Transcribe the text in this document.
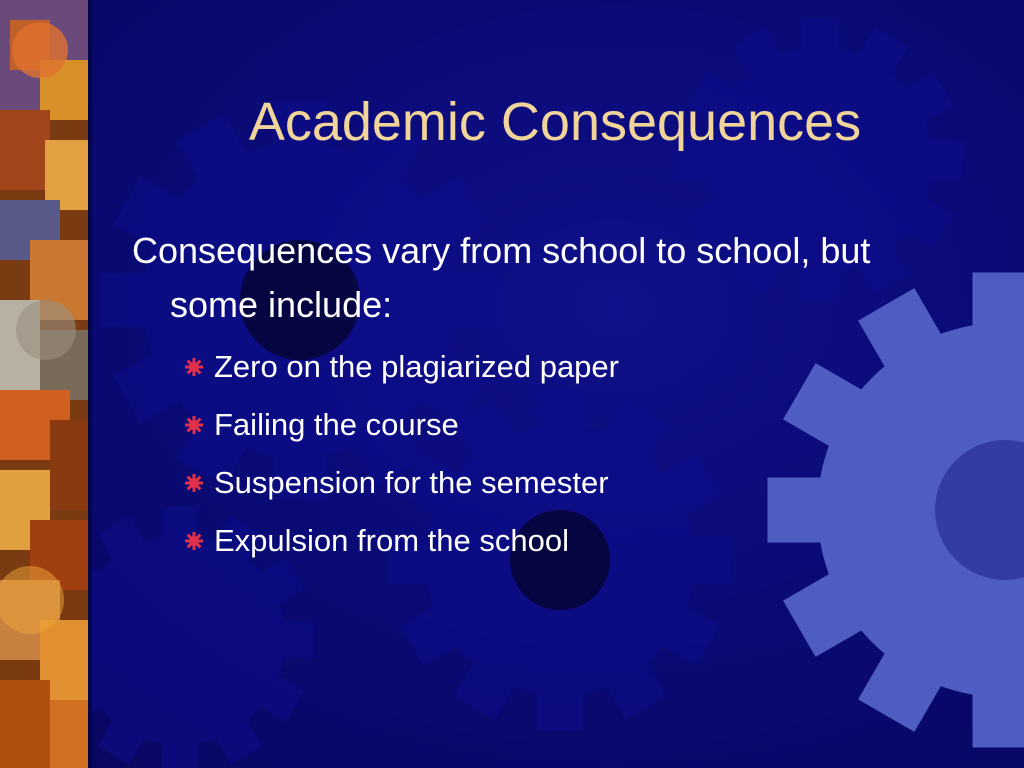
Academic Consequences

Consequences vary from school to school, but some include:

Zero on the plagiarized paper
Failing the course
Suspension for the semester
Expulsion from the school
